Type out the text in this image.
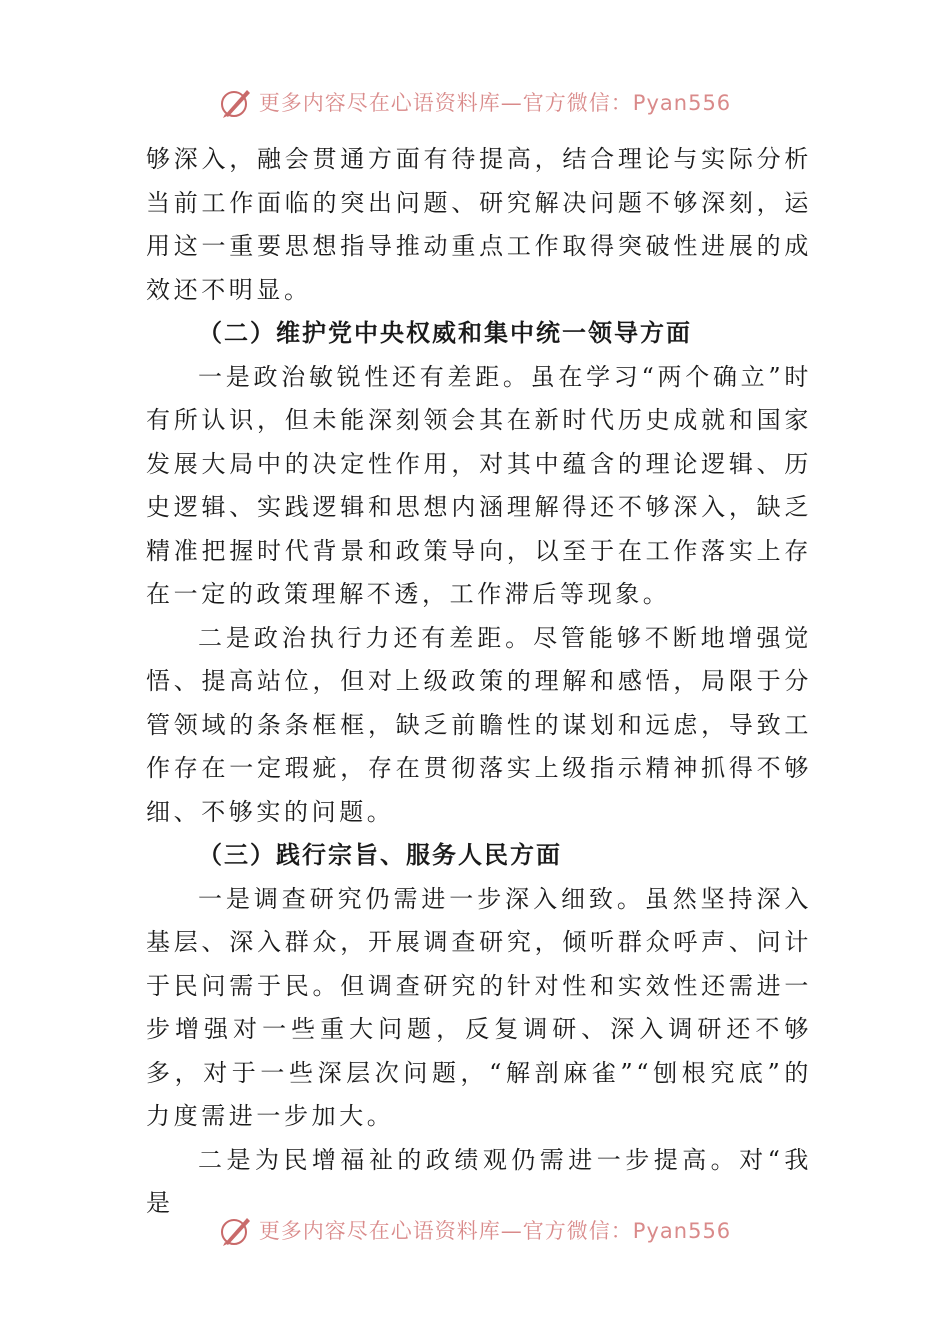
更多内容尽在心语资料库—官方微信：Pyan556

够深入，融会贯通方面有待提高，结合理论与实际分析当前工作面临的突出问题、研究解决问题不够深刻，运用这一重要思想指导推动重点工作取得突破性进展的成效还不明显。

（二）维护党中央权威和集中统一领导方面

一是政治敏锐性还有差距。虽在学习“两个确立”时有所认识，但未能深刻领会其在新时代历史成就和国家发展大局中的决定性作用，对其中蕴含的理论逻辑、历史逻辑、实践逻辑和思想内涵理解得还不够深入，缺乏精准把握时代背景和政策导向，以至于在工作落实上存在一定的政策理解不透，工作滞后等现象。

二是政治执行力还有差距。尽管能够不断地增强觉悟、提高站位，但对上级政策的理解和感悟，局限于分管领域的条条框框，缺乏前瞻性的谋划和远虑，导致工作存在一定瑕疵，存在贯彻落实上级指示精神抓得不够细、不够实的问题。

（三）践行宗旨、服务人民方面

一是调查研究仍需进一步深入细致。虽然坚持深入基层、深入群众，开展调查研究，倾听群众呼声、问计于民问需于民。但调查研究的针对性和实效性还需进一步增强对一些重大问题，反复调研、深入调研还不够多，对于一些深层次问题，“解剖麻雀”“刨根究底”的力度需进一步加大。

二是为民增福祉的政绩观仍需进一步提高。对“我是

更多内容尽在心语资料库—官方微信：Pyan556
